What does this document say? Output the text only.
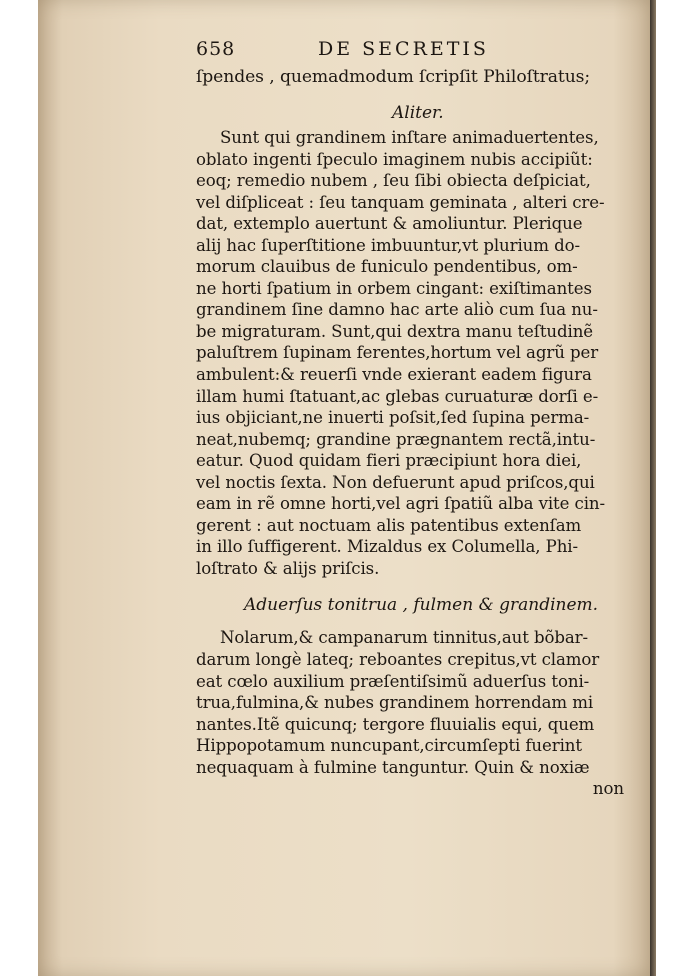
658	DE SECRETIS
ſpendes , quemadmodum ſcripſit Philoſtratus;
Aliter.
Sunt qui grandinem inſtare animaduertentes,
oblato ingenti ſpeculo imaginem nubis accipiũt:
eoq; remedio nubem , ſeu ſibi obiecta deſpiciat,
vel diſpliceat : ſeu tanquam geminata , alteri cre-
dat, extemplo auertunt & amoliuntur. Plerique
alij hac ſuperſtitione imbuuntur,vt plurium do-
morum clauibus de funiculo pendentibus, om-
ne horti ſpatium in orbem cingant: exiſtimantes
grandinem ſine damno hac arte aliò cum ſua nu-
be migraturam. Sunt,qui dextra manu teſtudinẽ
paluſtrem ſupinam ferentes,hortum vel agrũ per
ambulent:& reuerſi vnde exierant eadem figura
illam humi ſtatuant,ac glebas curuaturæ dorſi e-
ius objiciant,ne inuerti poſsit,ſed ſupina perma-
neat,nubemq; grandine prægnantem rectã,intu-
eatur. Quod quidam fieri præcipiunt hora diei,
vel noctis ſexta. Non defuerunt apud priſcos,qui
eam in rẽ omne horti,vel agri ſpatiũ alba vite cin-
gerent : aut noctuam alis patentibus extenſam
in illo ſuffigerent. Mizaldus ex Columella, Phi-
loſtrato & alijs priſcis.
Aduerſus tonitrua , fulmen & grandinem.
Nolarum,& campanarum tinnitus,aut bõbar-
darum longè lateq; reboantes crepitus,vt clamor
eat cœlo auxilium præſentiſsimũ aduerſus toni-
trua,fulmina,& nubes grandinem horrendam mi
nantes.Itẽ quicunq; tergore fluuialis equi, quem
Hippopotamum nuncupant,circumſepti fuerint
nequaquam à fulmine tanguntur. Quin & noxiæ
non
